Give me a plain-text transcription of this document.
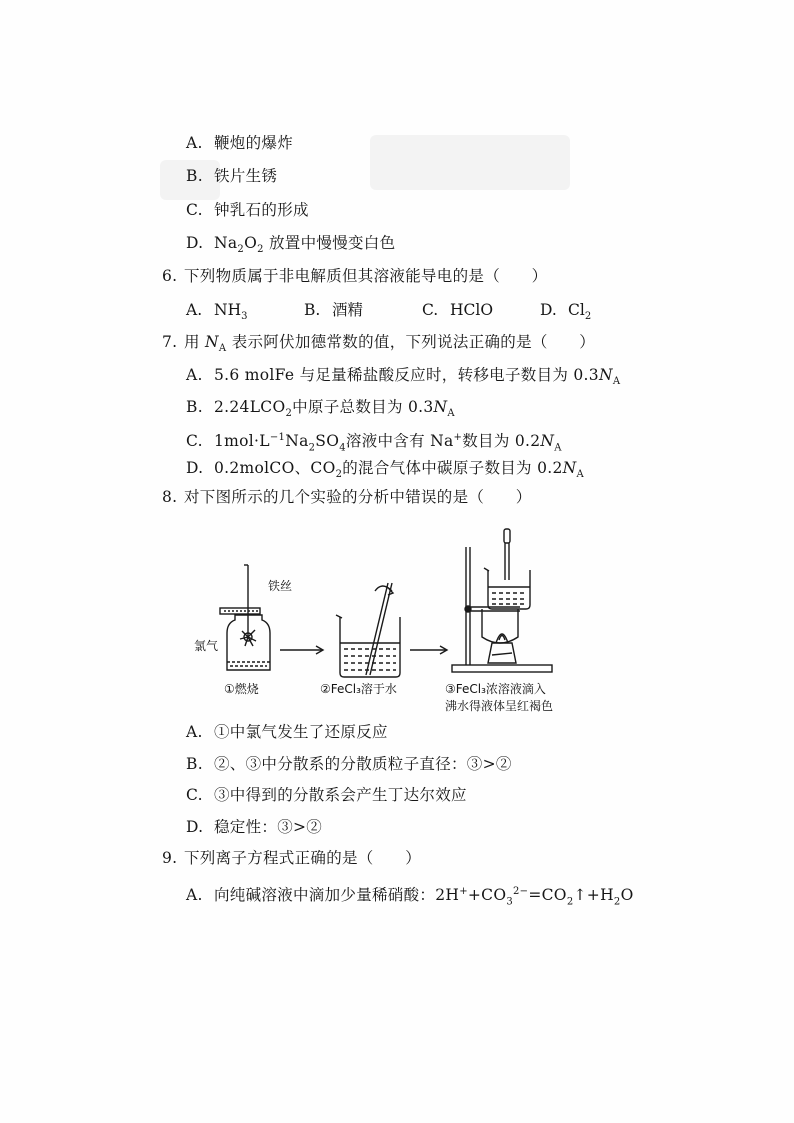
A. 鞭炮的爆炸
B. 铁片生锈
C. 钟乳石的形成
D. $Na_2O_2$ 放置中慢慢变白色
6. 下列物质属于非电解质但其溶液能导电的是（　　）
A. $NH_3$	B. 酒精	C. HClO	D. $Cl_2$
7. 用 $N_A$ 表示阿伏加德常数的值，下列说法正确的是（　　）
A. 5.6 molFe 与足量稀盐酸反应时，转移电子数目为 $0.3N_A$
B. $2.24LCO_2$中原子总数目为 $0.3N_A$
C. $1mol\cdot L^{-1}Na_2SO_4$溶液中含有 Na+数目为 $0.2N_A$
D. 0.2molCO、$CO_2$的混合气体中碳原子数目为 $0.2N_A$
8. 对下图所示的几个实验的分析中错误的是（　　）
铁丝
氯气
①燃烧	②FeCl₃溶于水	③FeCl₃浓溶液滴入
沸水得液体呈红褐色
A. ①中氯气发生了还原反应
B. ②、③中分散系的分散质粒子直径：③>②
C. ③中得到的分散系会产生丁达尔效应
D. 稳定性：③>②
9. 下列离子方程式正确的是（　　）
A. 向纯碱溶液中滴加少量稀硝酸：$2H^++CO_3^{2-}=CO_2↑+H_2O$
